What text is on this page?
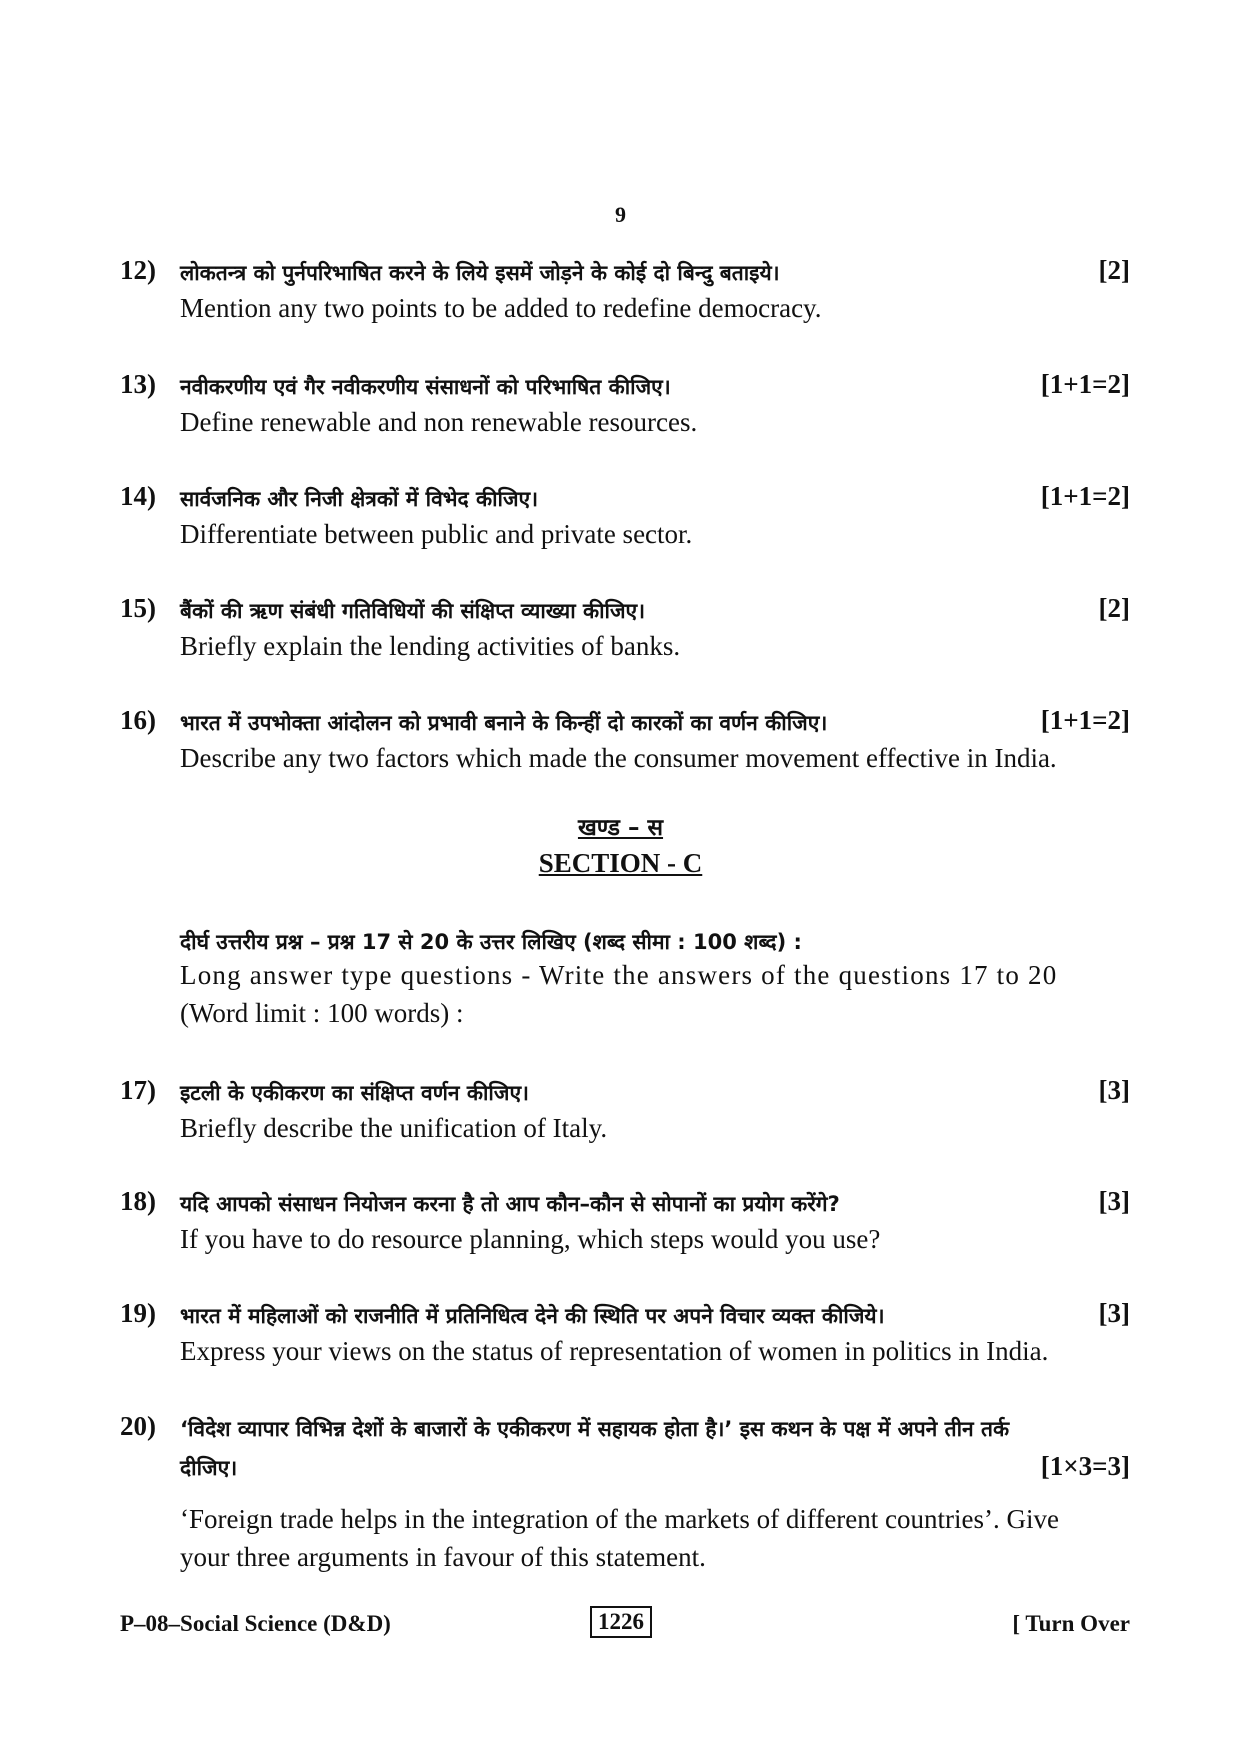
9
12) लोकतन्त्र को पुर्नपरिभाषित करने के लिये इसमें जोड़ने के कोई दो बिन्दु बताइये।	[2]
Mention any two points to be added to redefine democracy.
13) नवीकरणीय एवं गैर नवीकरणीय संसाधनों को परिभाषित कीजिए।	[1+1=2]
Define renewable and non renewable resources.
14) सार्वजनिक और निजी क्षेत्रकों में विभेद कीजिए।	[1+1=2]
Differentiate between public and private sector.
15) बैंकों की ऋण संबंधी गतिविधियों की संक्षिप्त व्याख्या कीजिए।	[2]
Briefly explain the lending activities of banks.
16) भारत में उपभोक्ता आंदोलन को प्रभावी बनाने के किन्हीं दो कारकों का वर्णन कीजिए।	[1+1=2]
Describe any two factors which made the consumer movement effective in India.
खण्ड – स
SECTION - C
दीर्घ उत्तरीय प्रश्न – प्रश्न 17 से 20 के उत्तर लिखिए (शब्द सीमा : 100 शब्द) :
Long answer type questions - Write the answers of the questions 17 to 20
(Word limit : 100 words) :
17) इटली के एकीकरण का संक्षिप्त वर्णन कीजिए।	[3]
Briefly describe the unification of Italy.
18) यदि आपको संसाधन नियोजन करना है तो आप कौन–कौन से सोपानों का प्रयोग करेंगे?	[3]
If you have to do resource planning, which steps would you use?
19) भारत में महिलाओं को राजनीति में प्रतिनिधित्व देने की स्थिति पर अपने विचार व्यक्त कीजिये।	[3]
Express your views on the status of representation of women in politics in India.
20) ‘विदेश व्यापार विभिन्न देशों के बाजारों के एकीकरण में सहायक होता है।’ इस कथन के पक्ष में अपने तीन तर्क
दीजिए।	[1×3=3]
‘Foreign trade helps in the integration of the markets of different countries’. Give
your three arguments in favour of this statement.
P–08–Social Science (D&D)	1226	[ Turn Over
